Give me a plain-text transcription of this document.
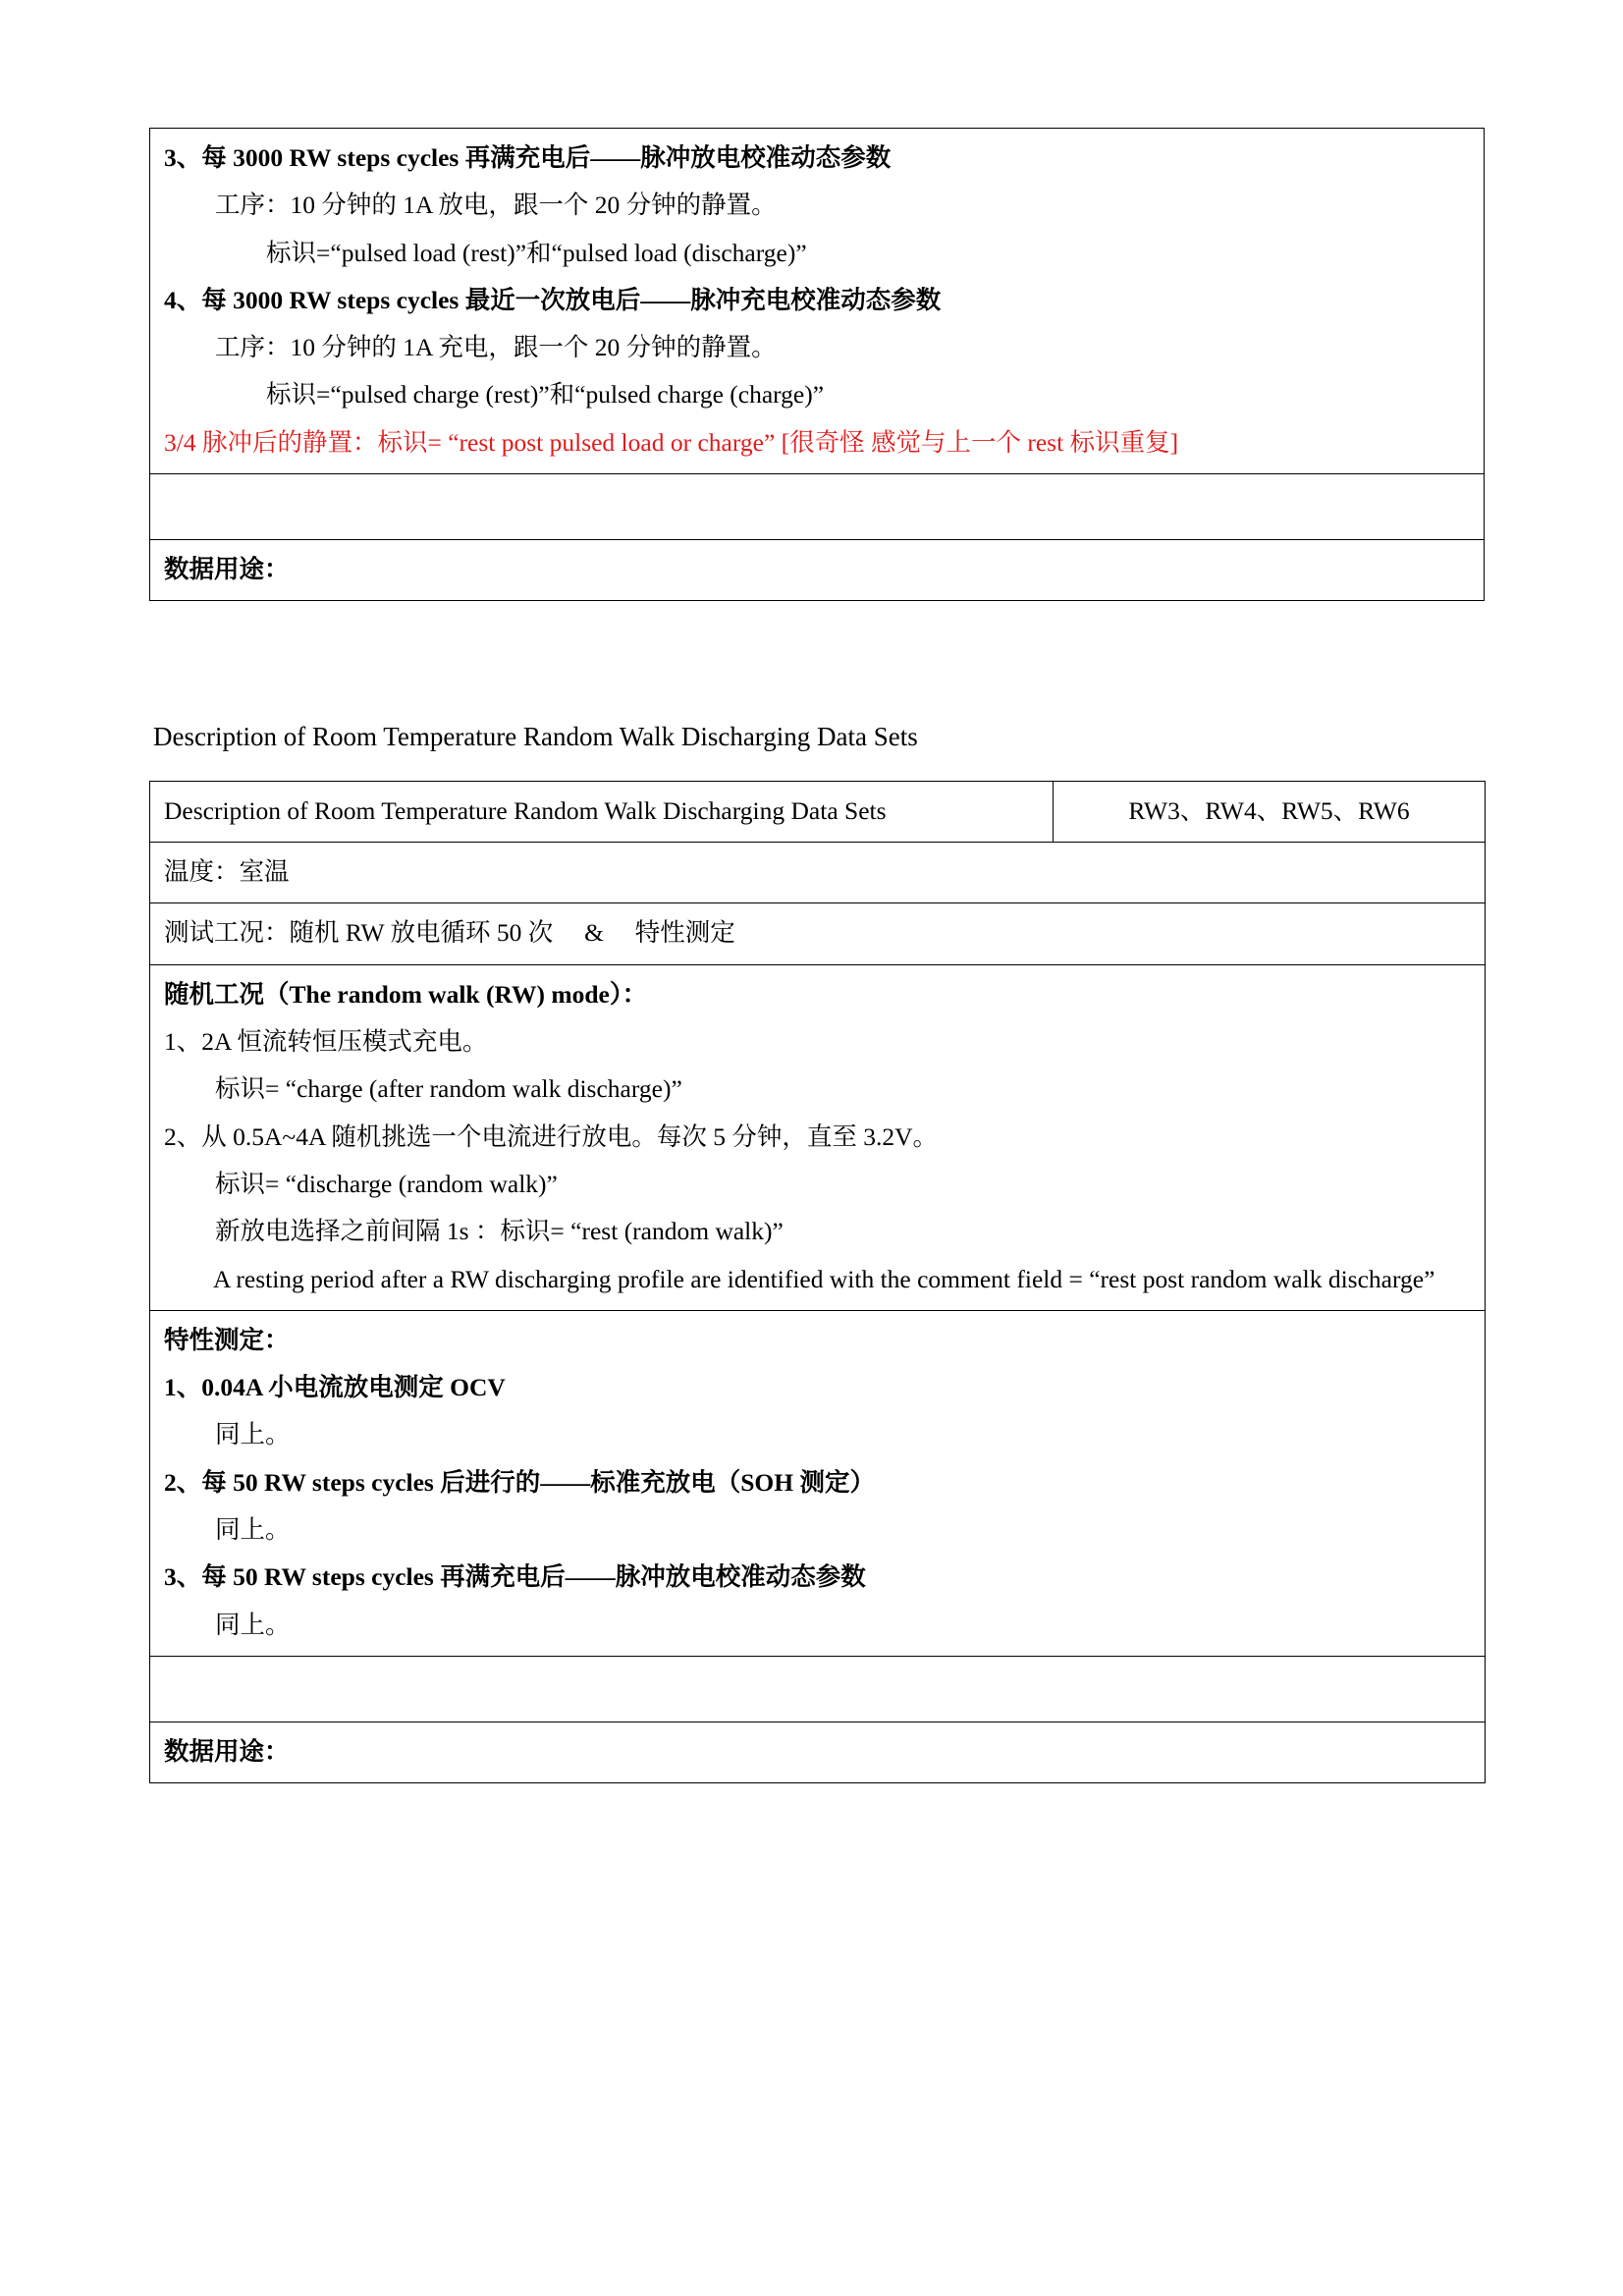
3、每 3000 RW steps cycles 再满充电后——脉冲放电校准动态参数
工序：10 分钟的 1A 放电，跟一个 20 分钟的静置。
标识=“pulsed load (rest)”和“pulsed load (discharge)”
4、每 3000 RW steps cycles 最近一次放电后——脉冲充电校准动态参数
工序：10 分钟的 1A 充电，跟一个 20 分钟的静置。
标识=“pulsed charge (rest)”和“pulsed charge (charge)”
3/4 脉冲后的静置：标识= “rest post pulsed load or charge” [很奇怪 感觉与上一个 rest 标识重复]

数据用途：
Description of Room Temperature Random Walk Discharging Data Sets
Description of Room Temperature Random Walk Discharging Data Sets	RW3、RW4、RW5、RW6
温度：室温
测试工况：随机 RW 放电循环 50 次　 &　 特性测定

随机工况（The random walk (RW) mode）：
1、2A 恒流转恒压模式充电。
标识= “charge (after random walk discharge)”
2、从 0.5A~4A 随机挑选一个电流进行放电。每次 5 分钟，直至 3.2V。
标识= “discharge (random walk)”
新放电选择之前间隔 1s ：标识= “rest (random walk)”
A resting period after a RW discharging profile are identified with the comment field = “rest post random walk discharge”

特性测定：
1、0.04A 小电流放电测定 OCV
同上。
2、每 50 RW steps cycles 后进行的——标准充放电（SOH 测定）
同上。
3、每 50 RW steps cycles 再满充电后——脉冲放电校准动态参数
同上。

数据用途：
